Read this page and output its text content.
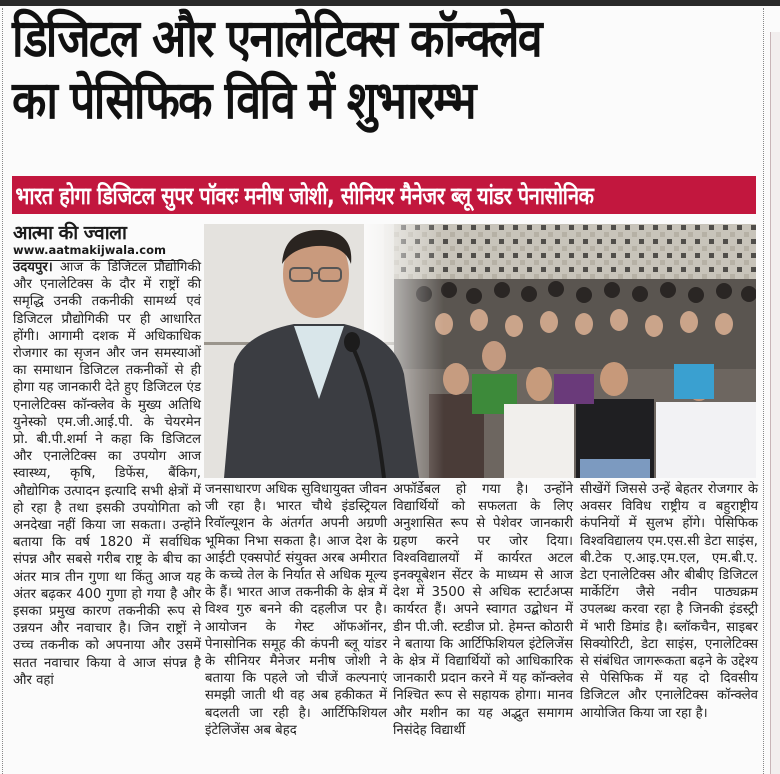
डिजिटल और एनालेटिक्स कॉन्क्लेव
का पेसिफिक विवि में शुभारम्भ
भारत होगा डिजिटल सुपर पॉवरः मनीष जोशी, सीनियर मैनेजर ब्लू यांडर पेनासोनिक
आत्मा की ज्वाला
www.aatmakijwala.com
उदयपुर। आज के डिजिटल प्रौद्योगिकी और एनालेटिक्स के दौर में राष्ट्रों की समृद्धि उनकी तकनीकी सामर्थ्य एवं डिजिटल प्रौद्योगिकी पर ही आधारित होंगी। आगामी दशक में अधिकाधिक रोजगार का सृजन और जन समस्याओं का समाधान डिजिटल तकनीकों से ही होगा यह जानकारी देते हुए डिजिटल एंड एनालेटिक्स कॉन्क्लेव के मुख्य अतिथि युनेस्को एम.जी.आई.पी. के चेयरमेन प्रो. बी.पी.शर्मा ने कहा कि डिजिटल और एनालेटिक्स का उपयोग आज स्वास्थ्य, कृषि, डिफेंस, बैंकिग, औद्योगिक उत्पादन इत्यादि सभी क्षेत्रों में हो रहा है तथा इसकी उपयोगिता को अनदेखा नहीं किया जा सकता। उन्होंने बताया कि वर्ष 1820 में सर्वाधिक संपन्न और सबसे गरीब राष्ट्र के बीच का अंतर मात्र तीन गुणा था किंतु आज यह अंतर बढ़कर 400 गुणा हो गया है और इसका प्रमुख कारण तकनीकी रूप से उन्नयन और नवाचार है। जिन राष्ट्रों ने उच्च तकनीक को अपनाया और उसमें सतत नवाचार किया वे आज संपन्न है और वहां
जनसाधारण अधिक सुविधायुक्त जीवन जी रहा है। भारत चौथे इंडस्ट्रियल रिवॉल्यूशन के अंतर्गत अपनी अग्रणी भूमिका निभा सकता है। आज देश के आईटी एक्सपोर्ट संयुक्त अरब अमीरात के कच्चे तेल के निर्यात से अधिक मूल्य के हैं। भारत आज तकनीकी के क्षेत्र में विश्व गुरु बनने की दहलीज पर है। आयोजन के गेस्ट ऑफऑनर, पेनासोनिक समूह की कंपनी ब्लू यांडर के सीनियर मैनेजर मनीष जोशी ने बताया कि पहले जो चीजें कल्पनाएं समझी जाती थी वह अब हकीकत में बदलती जा रही है। आर्टिफिशियल इंटेलिजेंस अब बेहद
अफॉर्डेबल हो गया है। उन्होंने विद्यार्थियों को सफलता के लिए अनुशासित रूप से पेशेवर जानकारी ग्रहण करने पर जोर दिया। विश्वविद्यालयों में कार्यरत अटल इनक्यूबेशन सेंटर के माध्यम से आज देश में 3500 से अधिक स्टार्टअप्स कार्यरत हैं। अपने स्वागत उद्बोधन में डीन पी.जी. स्टडीज प्रो. हेमन्त कोठारी ने बताया कि आर्टिफिशियल इंटेलिजेंस के क्षेत्र में विद्यार्थियों को आधिकारिक जानकारी प्रदान करने में यह कॉन्क्लेव निश्चित रूप से सहायक होगा। मानव और मशीन का यह अद्भुत समागम निसंदेह विद्यार्थी
सीखेंगें जिससे उन्हें बेहतर रोजगार के अवसर विविध राष्ट्रीय व बहुराष्ट्रीय कंपनियों में सुलभ होंगे। पेसिफिक विश्वविद्यालय एम.एस.सी डेटा साइंस, बी.टेक ए.आइ.एम.एल, एम.बी.ए. डेटा एनालेटिक्स और बीबीए डिजिटल मार्केटिंग जैसे नवीन पाठ्यक्रम उपलब्ध करवा रहा है जिनकी इंडस्ट्री में भारी डिमांड है। ब्लॉकचैन, साइबर सिक्योरिटी, डेटा साइंस, एनालेटिक्स से संबंधित जागरूकता बढ़ने के उद्देश्य से पेसिफिक में यह दो दिवसीय डिजिटल और एनालेटिक्स कॉन्क्लेव आयोजित किया जा रहा है।
